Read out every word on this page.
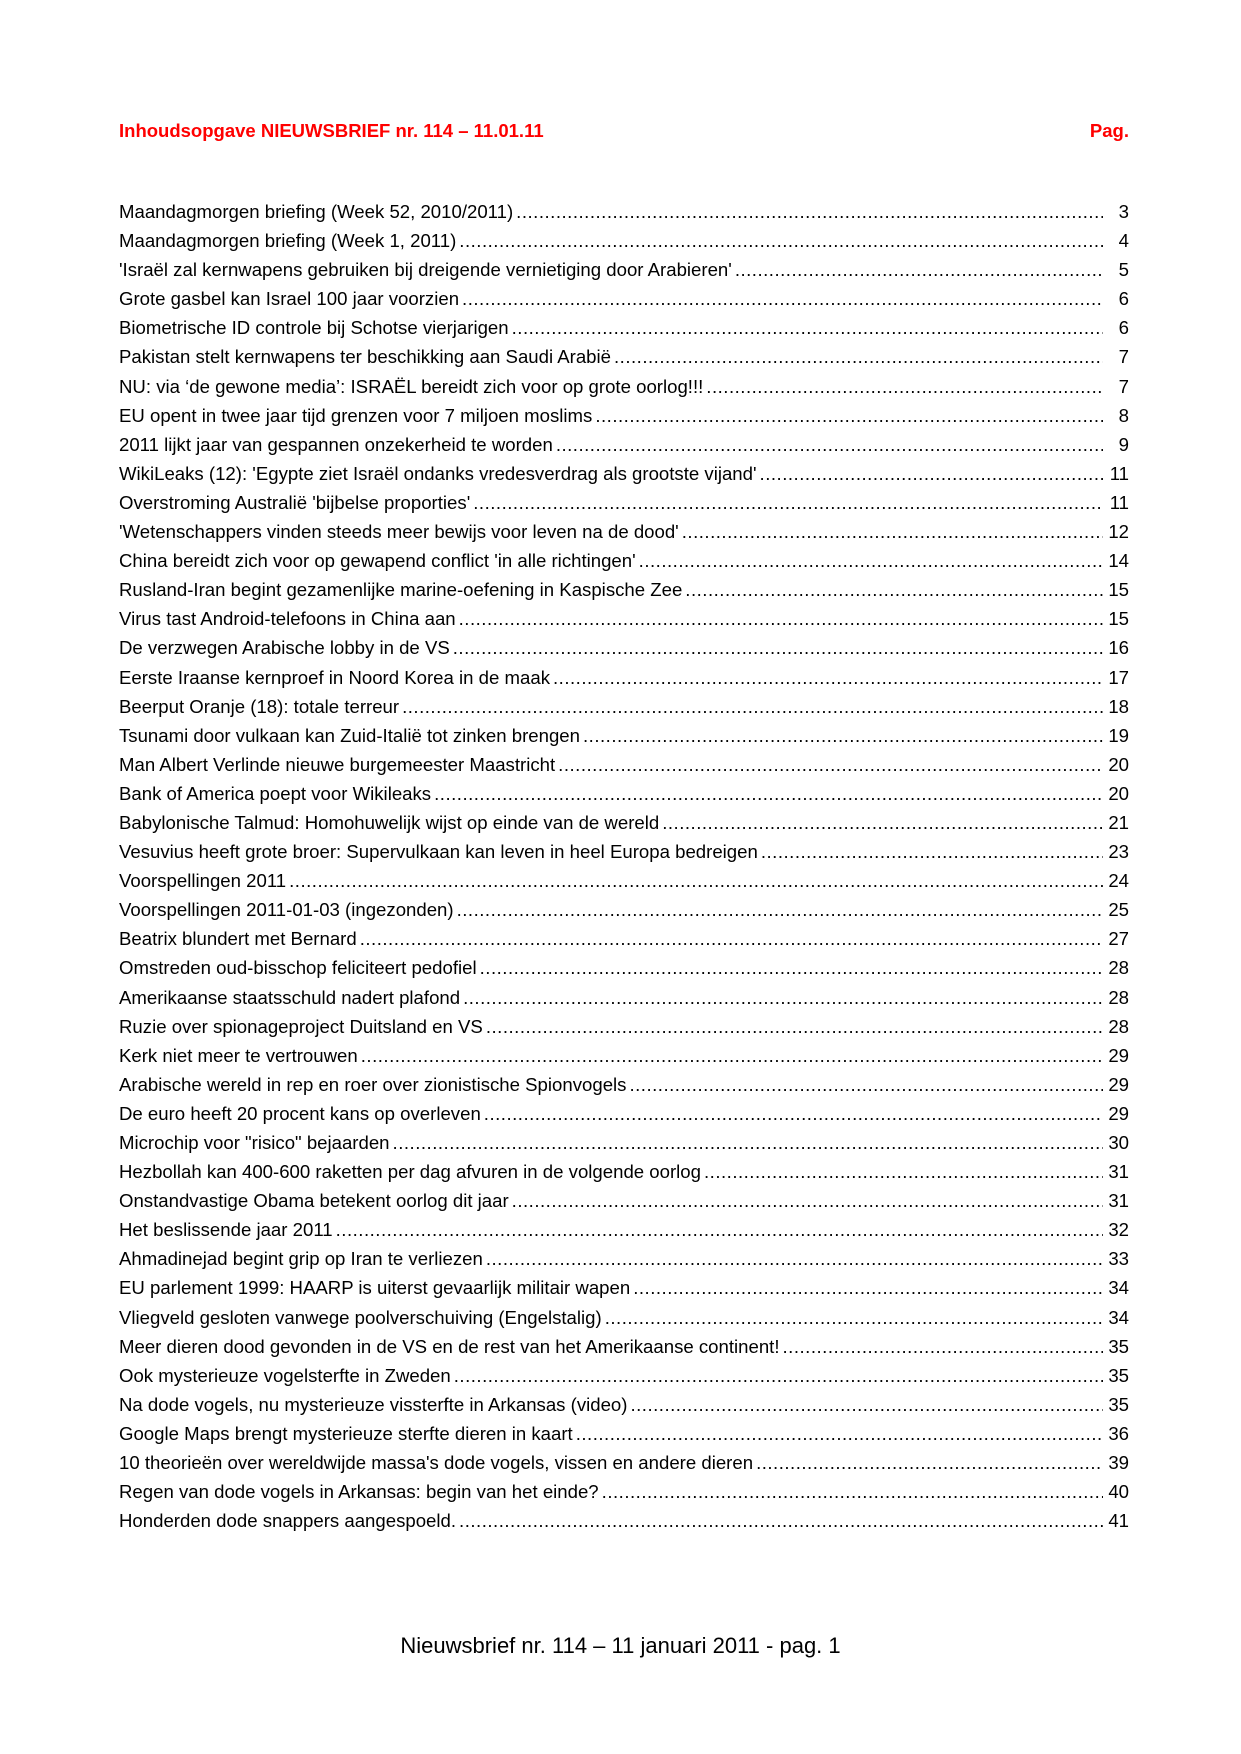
Inhoudsopgave NIEUWSBRIEF nr. 114 – 11.01.11	Pag.
Maandagmorgen briefing (Week 52, 2010/2011) .....	3
Maandagmorgen briefing (Week 1, 2011) .....	4
'Israël zal kernwapens gebruiken bij dreigende vernietiging door Arabieren' .....	5
Grote gasbel kan Israel 100 jaar voorzien .....	6
Biometrische ID controle bij Schotse vierjarigen .....	6
Pakistan stelt kernwapens ter beschikking aan Saudi Arabië .....	7
NU: via ‘de gewone media’: ISRAËL bereidt zich voor op grote oorlog!!! .....	7
EU opent in twee jaar tijd grenzen voor 7 miljoen moslims .....	8
2011 lijkt jaar van gespannen onzekerheid te worden .....	9
WikiLeaks (12): 'Egypte ziet Israël ondanks vredesverdrag als grootste vijand' .....	11
Overstroming Australië 'bijbelse proporties' .....	11
'Wetenschappers vinden steeds meer bewijs voor leven na de dood' .....	12
China bereidt zich voor op gewapend conflict 'in alle richtingen' .....	14
Rusland-Iran begint gezamenlijke marine-oefening in Kaspische Zee .....	15
Virus tast Android-telefoons in China aan .....	15
De verzwegen Arabische lobby in de VS .....	16
Eerste Iraanse kernproef in Noord Korea in de maak .....	17
Beerput Oranje (18): totale terreur .....	18
Tsunami door vulkaan kan Zuid-Italië tot zinken brengen .....	19
Man Albert Verlinde nieuwe burgemeester Maastricht .....	20
Bank of America poept voor Wikileaks .....	20
Babylonische Talmud: Homohuwelijk wijst op einde van de wereld .....	21
Vesuvius heeft grote broer: Supervulkaan kan leven in heel Europa bedreigen .....	23
Voorspellingen 2011 .....	24
Voorspellingen 2011-01-03 (ingezonden) .....	25
Beatrix blundert met Bernard .....	27
Omstreden oud-bisschop feliciteert pedofiel .....	28
Amerikaanse staatsschuld nadert plafond .....	28
Ruzie over spionageproject Duitsland en VS .....	28
Kerk niet meer te vertrouwen .....	29
Arabische wereld in rep en roer over zionistische Spionvogels .....	29
De euro heeft 20 procent kans op overleven .....	29
Microchip voor "risico" bejaarden .....	30
Hezbollah kan 400-600 raketten per dag afvuren in de volgende oorlog .....	31
Onstandvastige Obama betekent oorlog dit jaar .....	31
Het beslissende jaar 2011 .....	32
Ahmadinejad begint grip op Iran te verliezen .....	33
EU parlement 1999: HAARP is uiterst gevaarlijk militair wapen .....	34
Vliegveld gesloten vanwege poolverschuiving (Engelstalig) .....	34
Meer dieren dood gevonden in de VS en de rest van het Amerikaanse continent! .....	35
Ook mysterieuze vogelsterfte in Zweden .....	35
Na dode vogels, nu mysterieuze vissterfte in Arkansas (video) .....	35
Google Maps brengt mysterieuze sterfte dieren in kaart .....	36
10 theorieën over wereldwijde massa's dode vogels, vissen en andere dieren .....	39
Regen van dode vogels in Arkansas: begin van het einde? .....	40
Honderden dode snappers aangespoeld. .....	41
Nieuwsbrief nr. 114 – 11 januari 2011 - pag. 1
